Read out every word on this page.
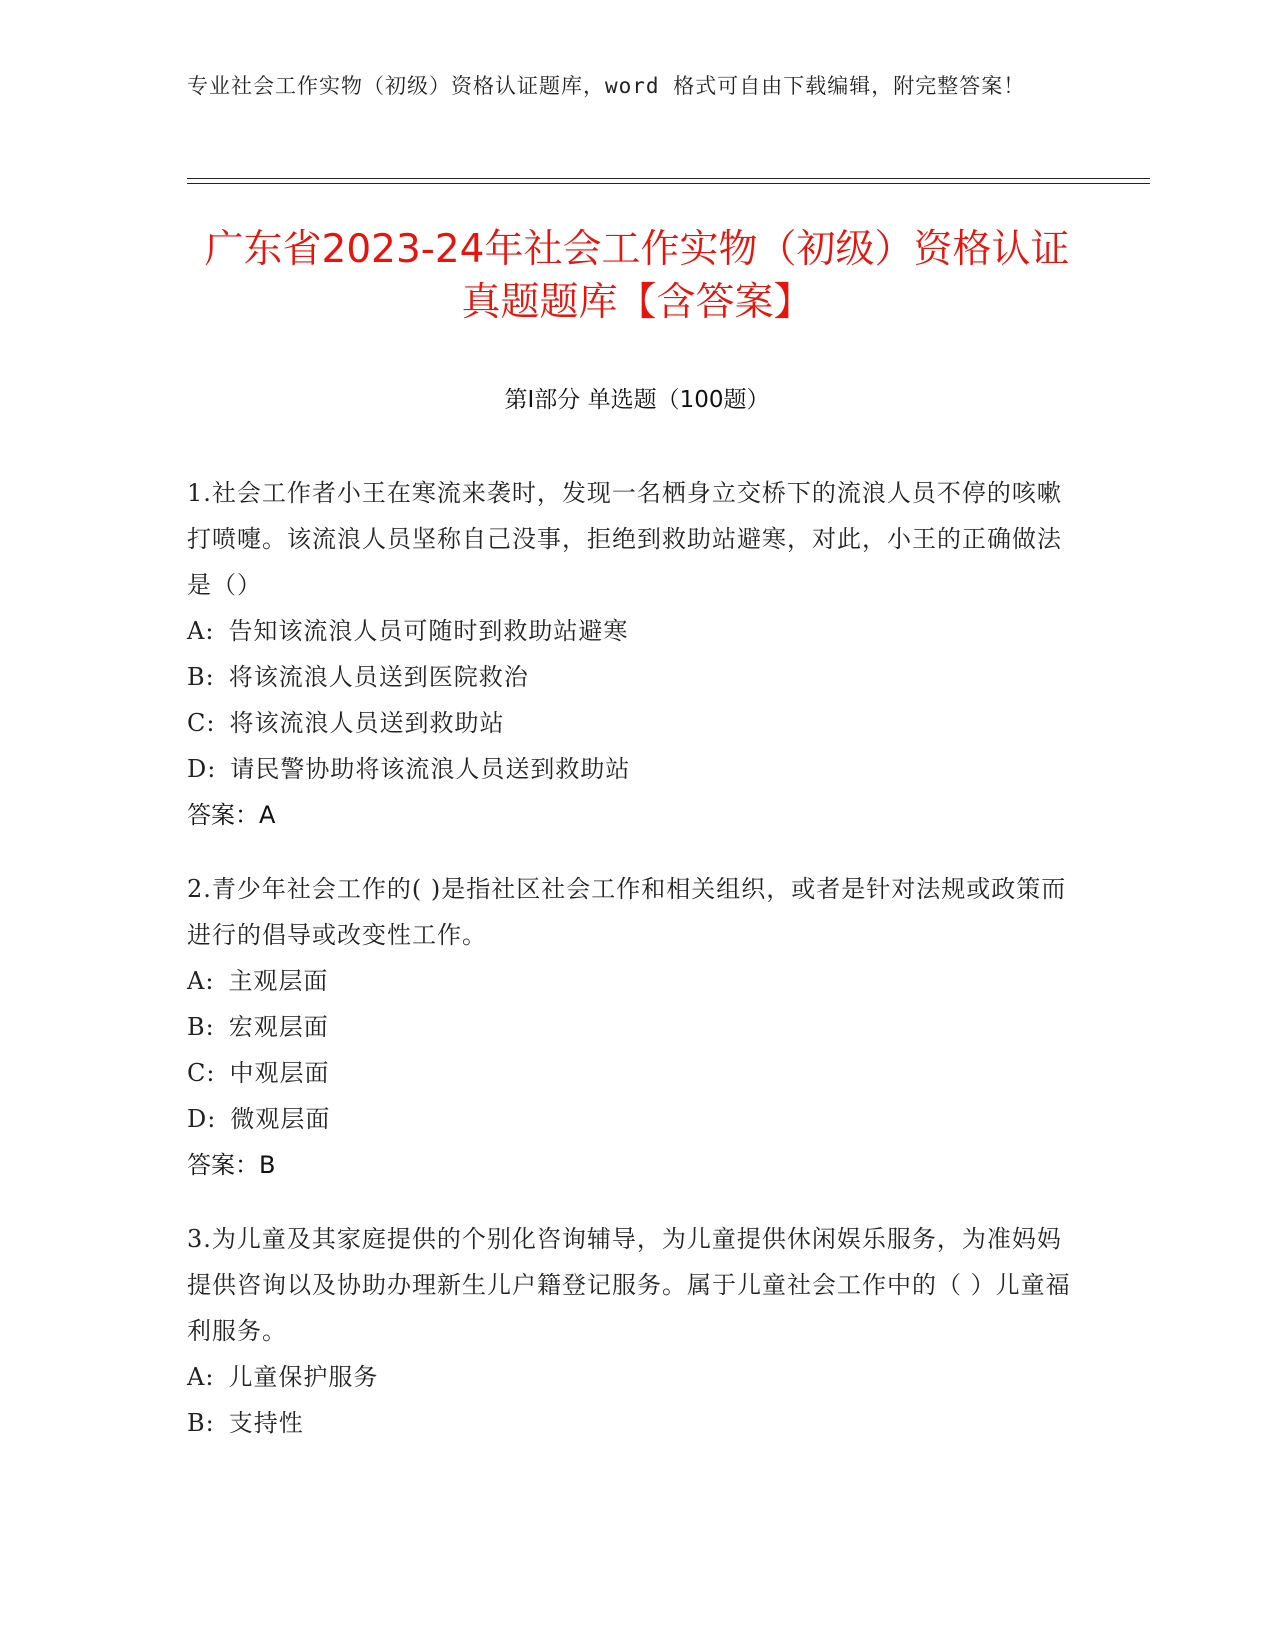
专业社会工作实物（初级）资格认证题库，word 格式可自由下载编辑，附完整答案！
广东省2023-24年社会工作实物（初级）资格认证真题题库【含答案】
第Ⅰ部分 单选题（100题）
1.社会工作者小王在寒流来袭时，发现一名栖身立交桥下的流浪人员不停的咳嗽打喷嚏。该流浪人员坚称自己没事，拒绝到救助站避寒，对此，小王的正确做法是（）
A: 告知该流浪人员可随时到救助站避寒
B: 将该流浪人员送到医院救治
C: 将该流浪人员送到救助站
D: 请民警协助将该流浪人员送到救助站
答案：A
2.青少年社会工作的( )是指社区社会工作和相关组织，或者是针对法规或政策而进行的倡导或改变性工作。
A: 主观层面
B: 宏观层面
C: 中观层面
D: 微观层面
答案：B
3.为儿童及其家庭提供的个别化咨询辅导，为儿童提供休闲娱乐服务，为准妈妈提供咨询以及协助办理新生儿户籍登记服务。属于儿童社会工作中的（ ）儿童福利服务。
A: 儿童保护服务
B: 支持性
